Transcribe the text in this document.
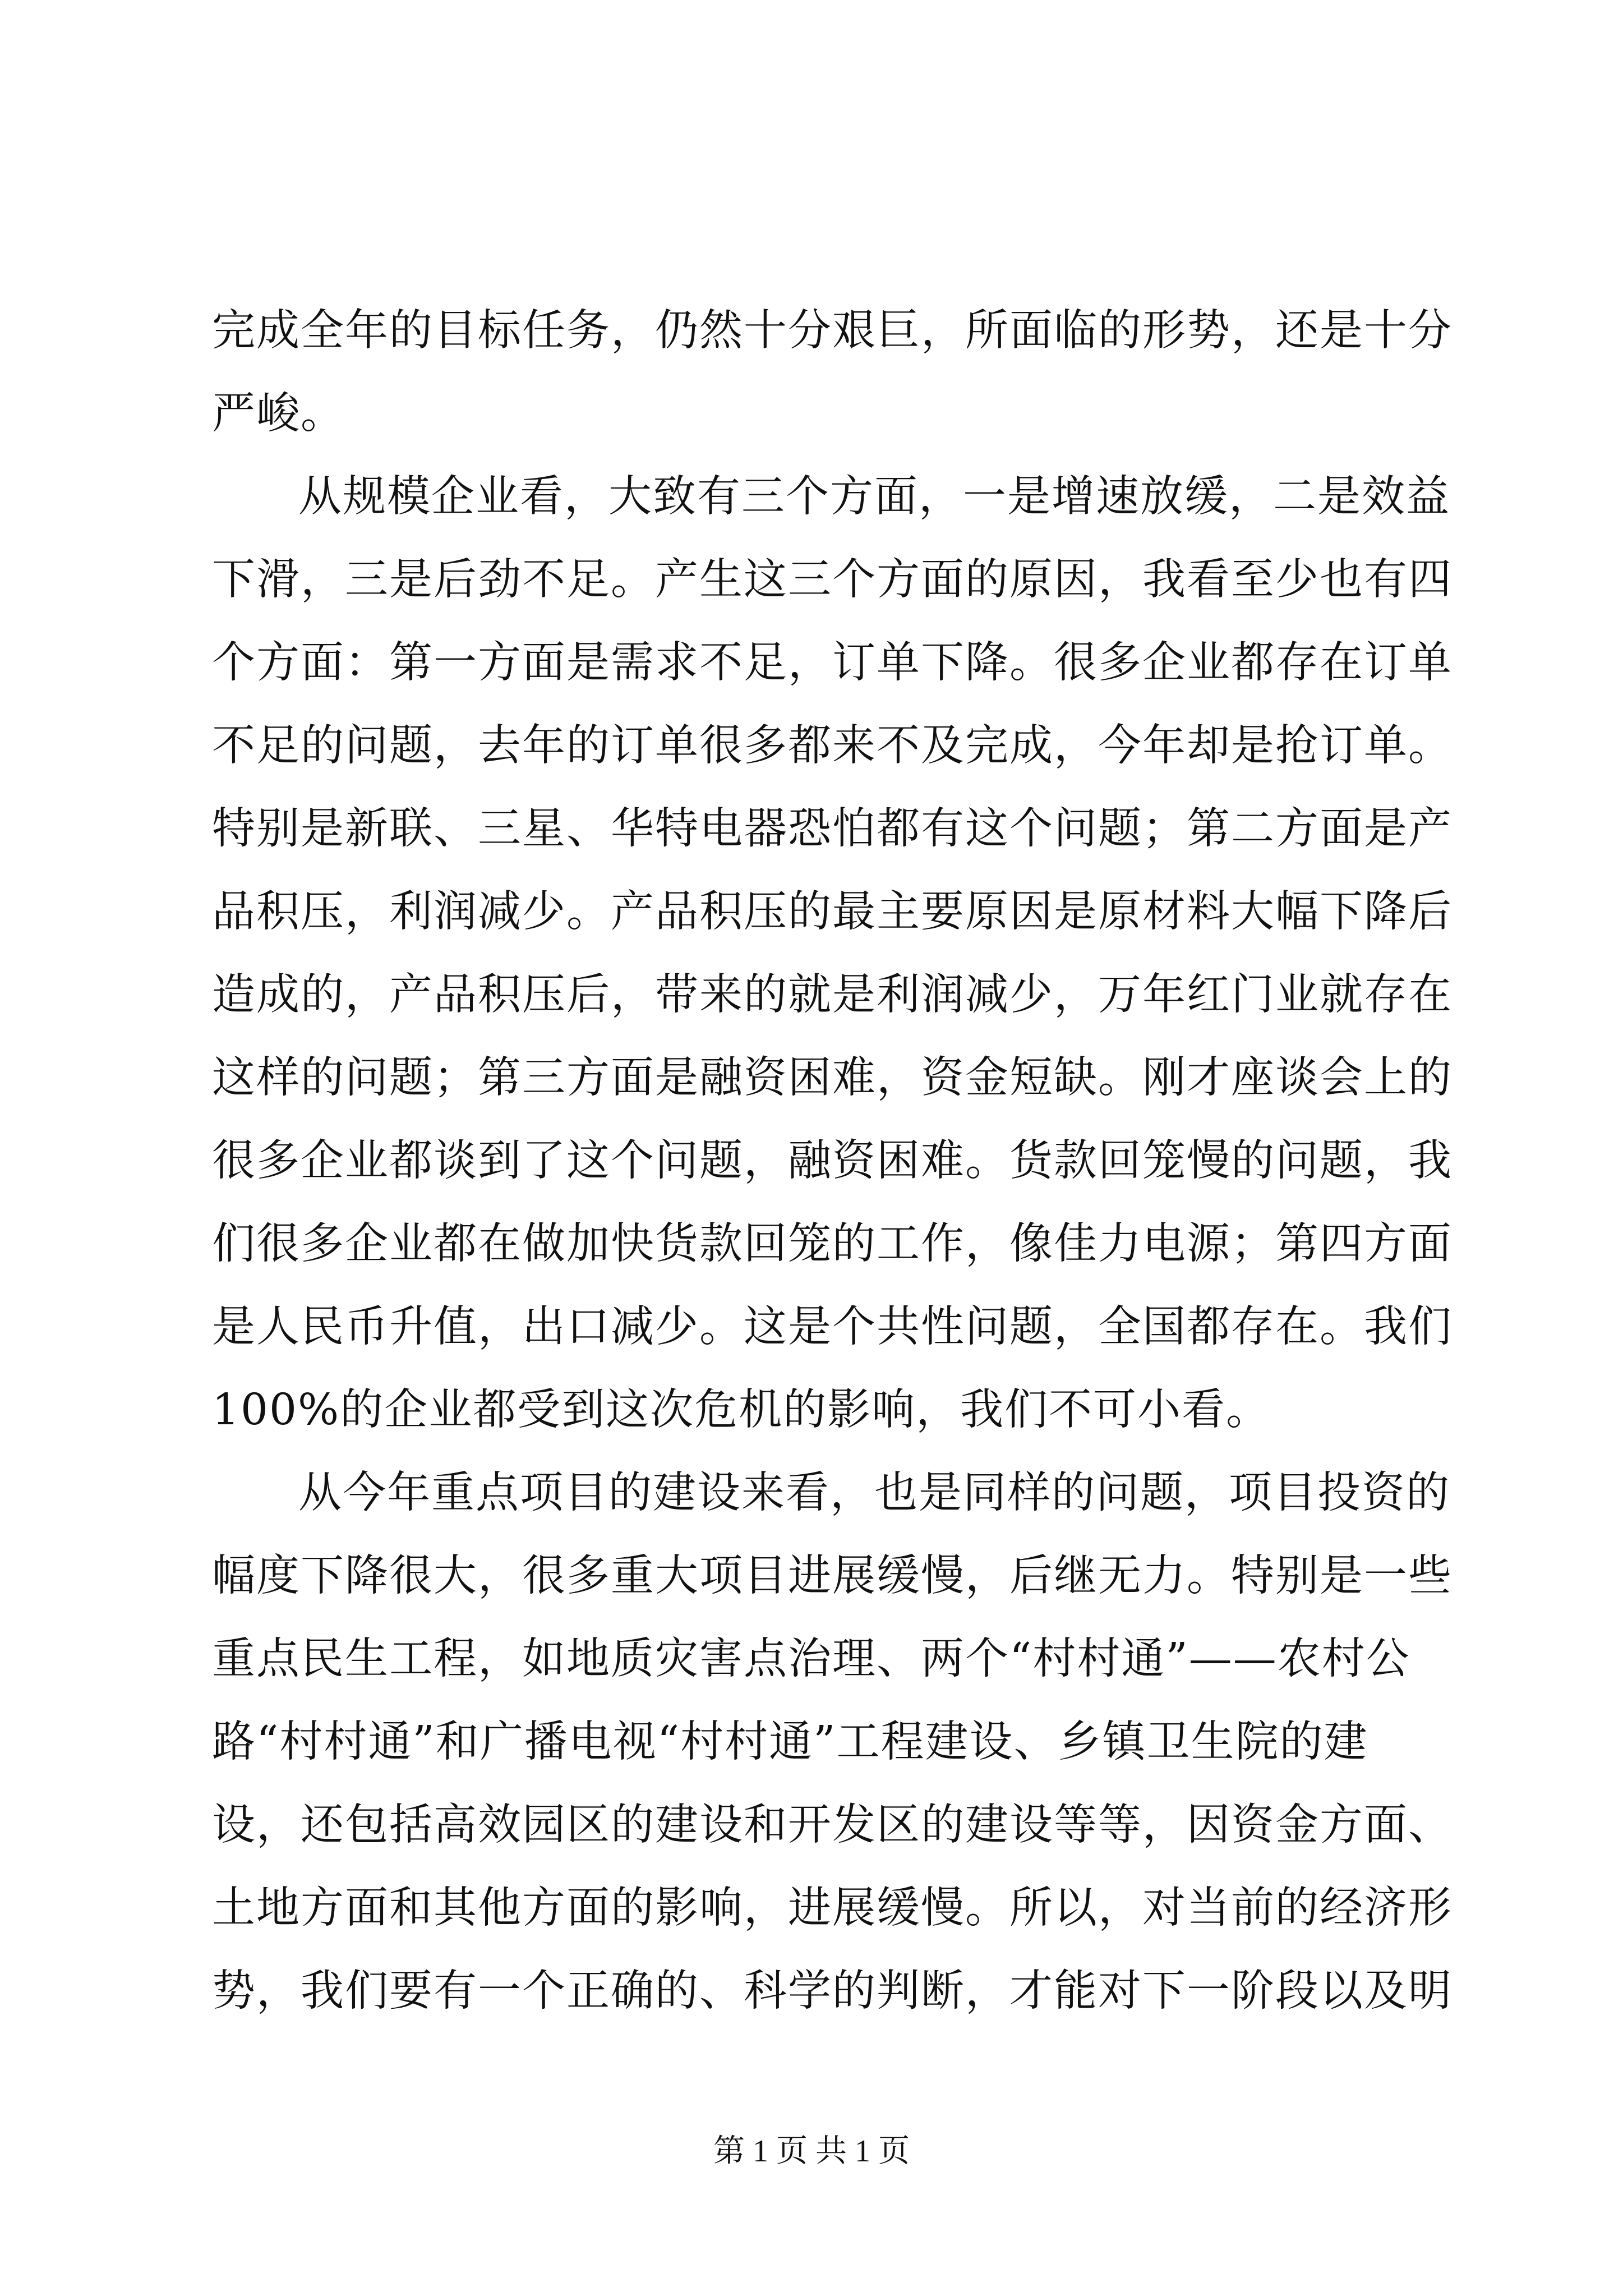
完成全年的目标任务，仍然十分艰巨，所面临的形势，还是十分
严峻。
从规模企业看，大致有三个方面，一是增速放缓，二是效益
下滑，三是后劲不足。产生这三个方面的原因，我看至少也有四
个方面：第一方面是需求不足，订单下降。很多企业都存在订单
不足的问题，去年的订单很多都来不及完成，今年却是抢订单。
特别是新联、三星、华特电器恐怕都有这个问题；第二方面是产
品积压，利润减少。产品积压的最主要原因是原材料大幅下降后
造成的，产品积压后，带来的就是利润减少，万年红门业就存在
这样的问题；第三方面是融资困难，资金短缺。刚才座谈会上的
很多企业都谈到了这个问题，融资困难。货款回笼慢的问题，我
们很多企业都在做加快货款回笼的工作，像佳力电源；第四方面
是人民币升值，出口减少。这是个共性问题，全国都存在。我们
100%的企业都受到这次危机的影响，我们不可小看。
从今年重点项目的建设来看，也是同样的问题，项目投资的
幅度下降很大，很多重大项目进展缓慢，后继无力。特别是一些
重点民生工程，如地质灾害点治理、两个“村村通”——农村公
路“村村通”和广播电视“村村通”工程建设、乡镇卫生院的建
设，还包括高效园区的建设和开发区的建设等等，因资金方面、
土地方面和其他方面的影响，进展缓慢。所以，对当前的经济形
势，我们要有一个正确的、科学的判断，才能对下一阶段以及明
第 1 页 共 1 页
